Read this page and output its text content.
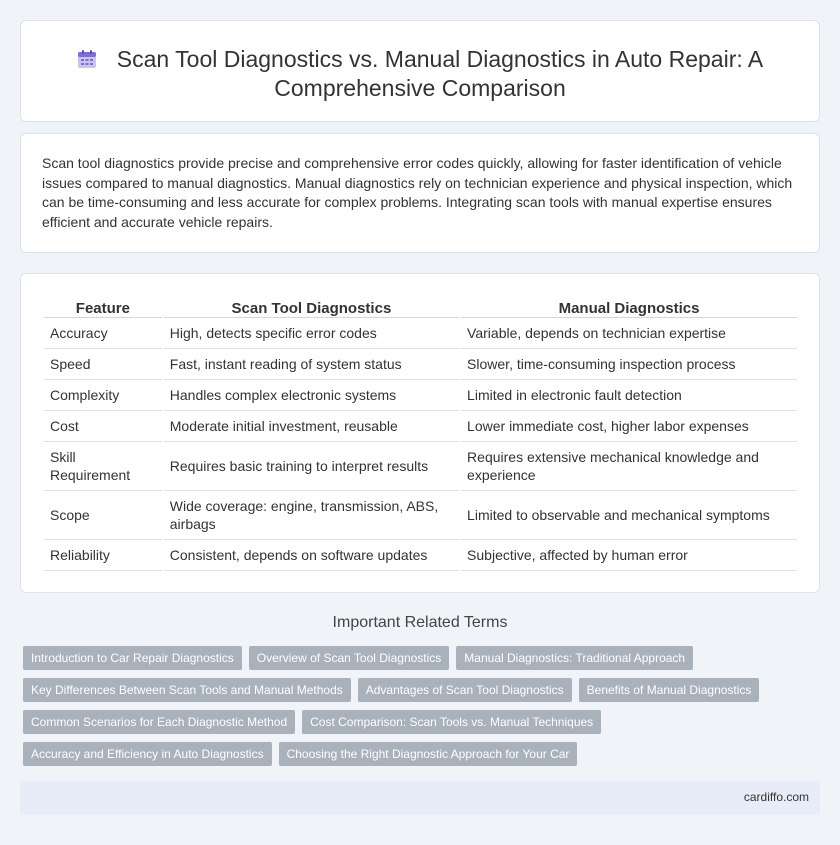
Scan Tool Diagnostics vs. Manual Diagnostics in Auto Repair: A Comprehensive Comparison

Scan tool diagnostics provide precise and comprehensive error codes quickly, allowing for faster identification of vehicle issues compared to manual diagnostics. Manual diagnostics rely on technician experience and physical inspection, which can be time-consuming and less accurate for complex problems. Integrating scan tools with manual expertise ensures efficient and accurate vehicle repairs.

Feature	Scan Tool Diagnostics	Manual Diagnostics
Accuracy	High, detects specific error codes	Variable, depends on technician expertise
Speed	Fast, instant reading of system status	Slower, time-consuming inspection process
Complexity	Handles complex electronic systems	Limited in electronic fault detection
Cost	Moderate initial investment, reusable	Lower immediate cost, higher labor expenses
Skill Requirement	Requires basic training to interpret results	Requires extensive mechanical knowledge and experience
Scope	Wide coverage: engine, transmission, ABS, airbags	Limited to observable and mechanical symptoms
Reliability	Consistent, depends on software updates	Subjective, affected by human error
Important Related Terms
Introduction to Car Repair Diagnostics	Overview of Scan Tool Diagnostics	Manual Diagnostics: Traditional Approach
Key Differences Between Scan Tools and Manual Methods	Advantages of Scan Tool Diagnostics	Benefits of Manual Diagnostics
Common Scenarios for Each Diagnostic Method	Cost Comparison: Scan Tools vs. Manual Techniques
Accuracy and Efficiency in Auto Diagnostics	Choosing the Right Diagnostic Approach for Your Car
cardiffo.com
